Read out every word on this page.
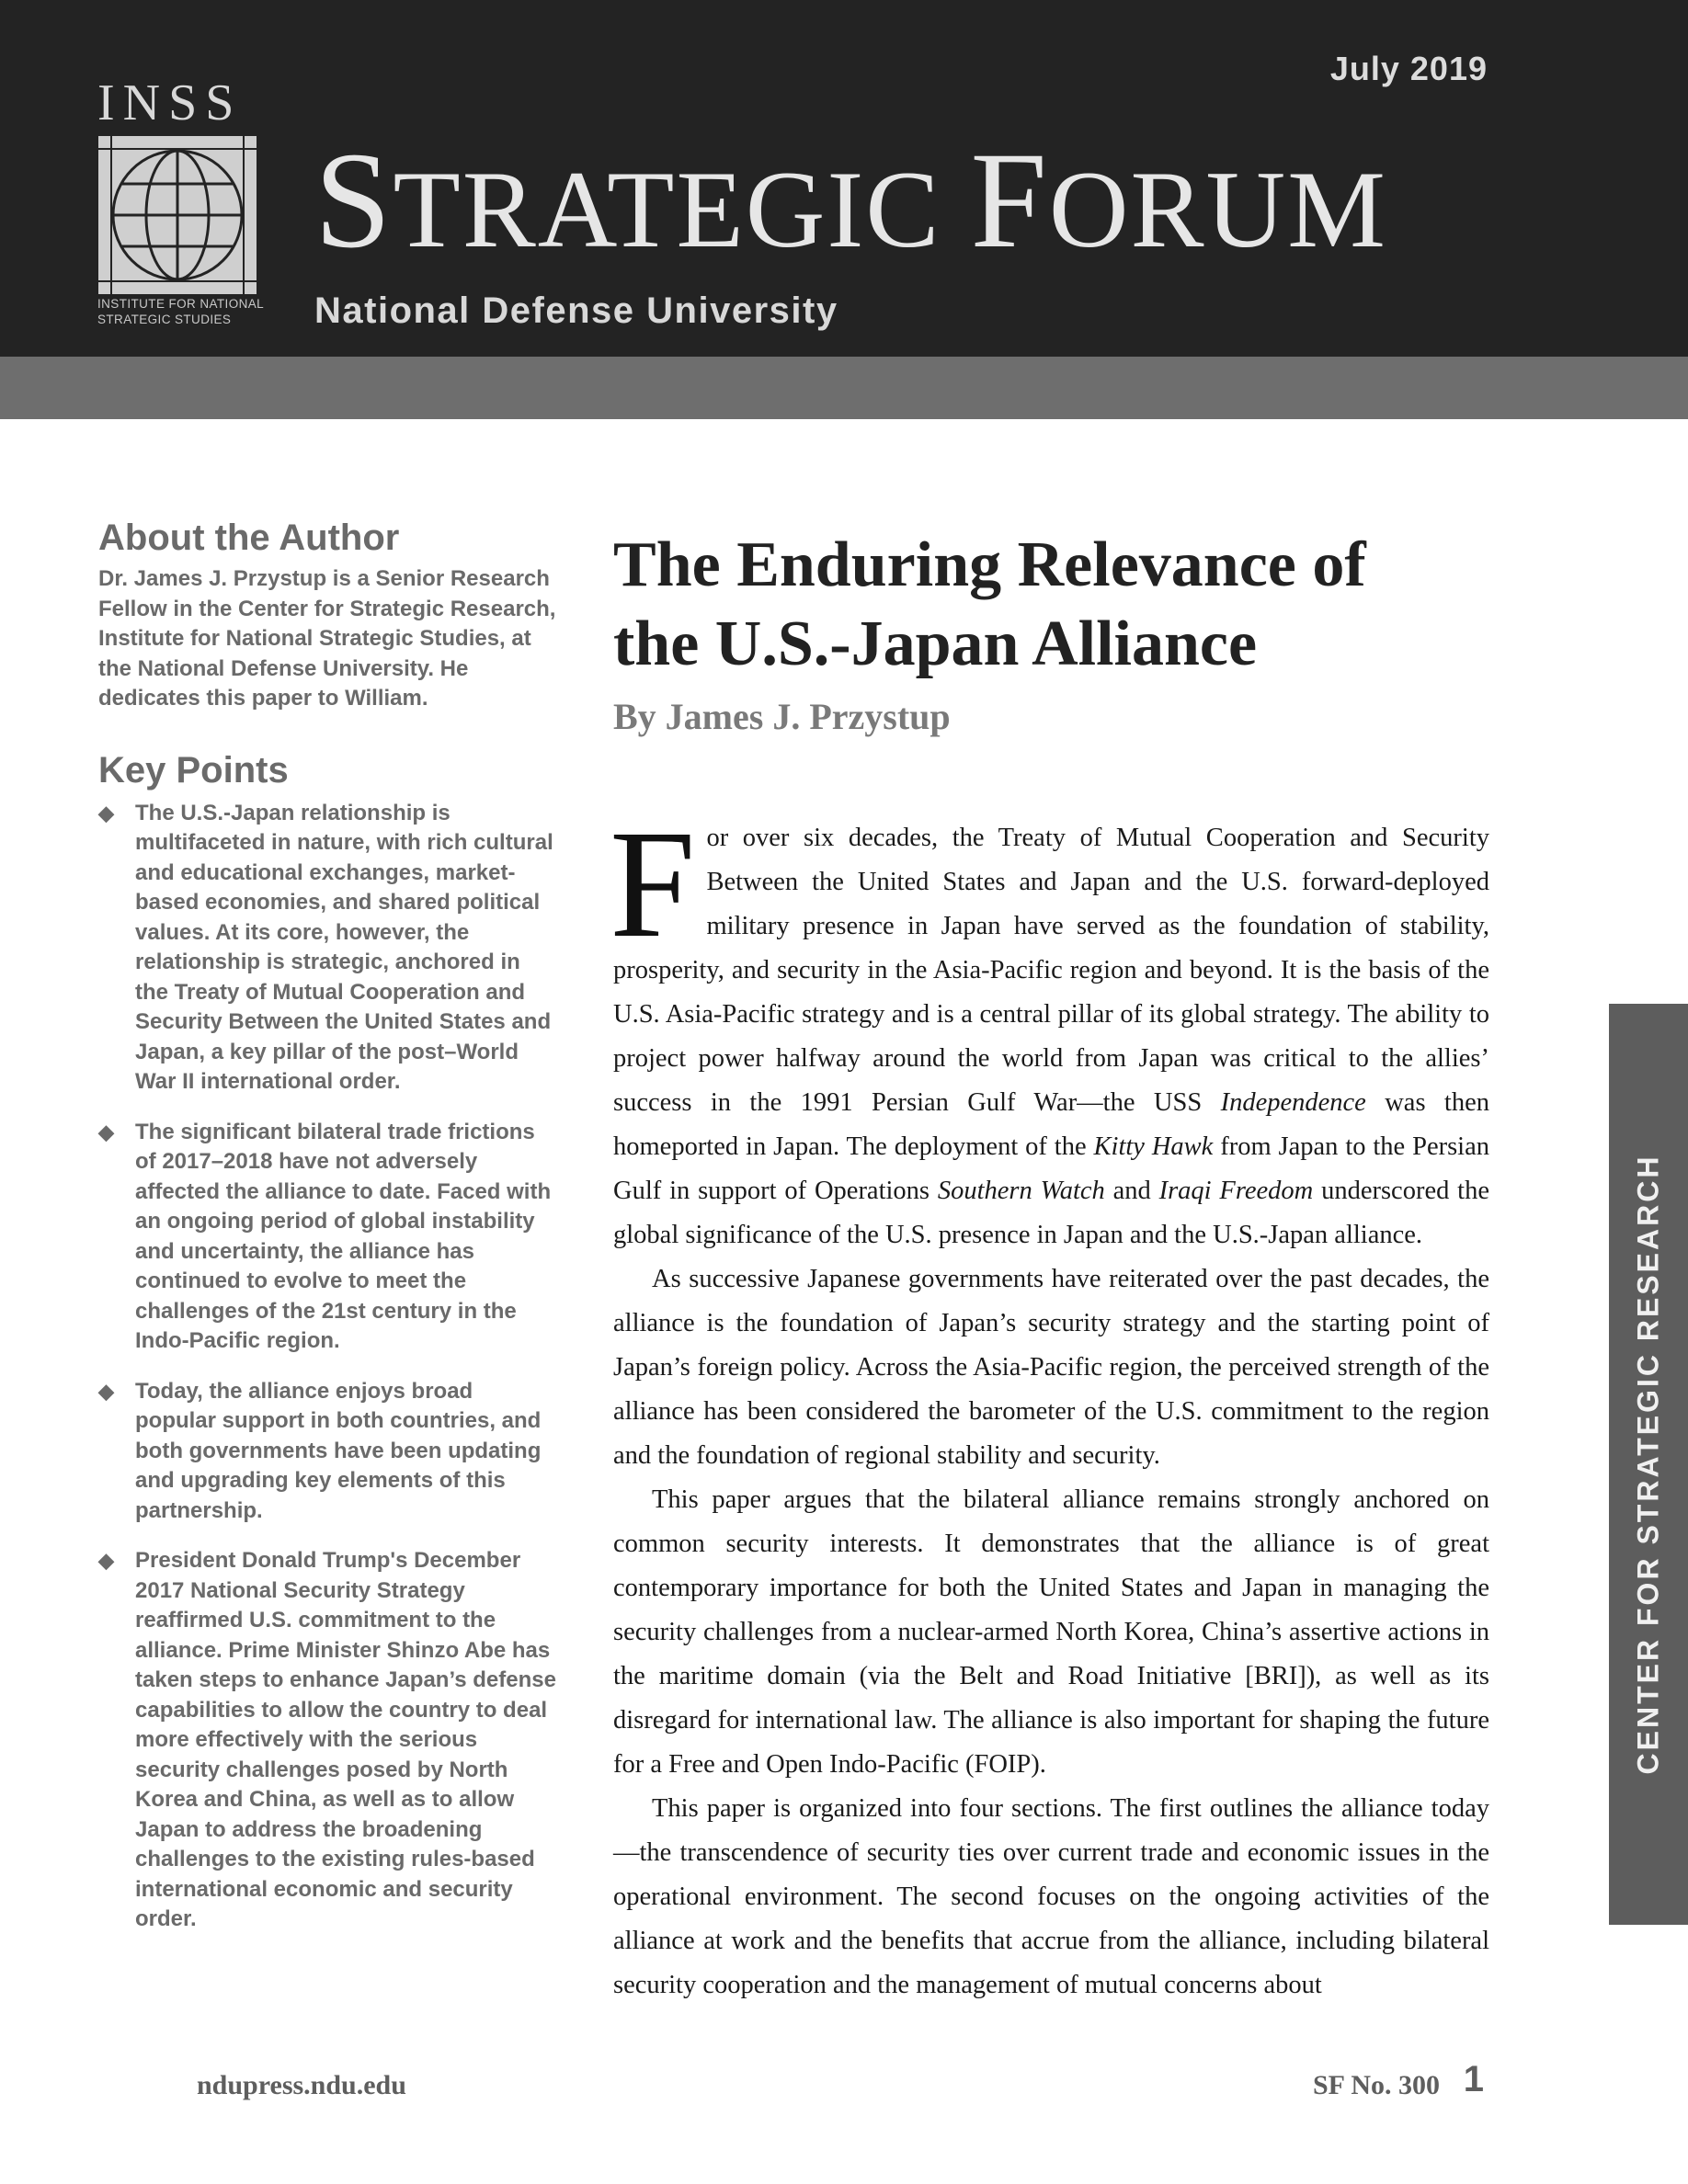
July 2019
INSS
INSTITUTE FOR NATIONAL
STRATEGIC STUDIES
STRATEGIC FORUM
National Defense University
About the Author
Dr. James J. Przystup is a Senior Research Fellow in the Center for Strategic Research, Institute for National Strategic Studies, at the National Defense University. He dedicates this paper to William.
Key Points
◆ The U.S.-Japan relationship is multifaceted in nature, with rich cultural and educational exchanges, market-based economies, and shared political values. At its core, however, the relationship is strategic, anchored in the Treaty of Mutual Cooperation and Security Between the United States and Japan, a key pillar of the post–World War II international order.
◆ The significant bilateral trade frictions of 2017–2018 have not adversely affected the alliance to date. Faced with an ongoing period of global instability and uncertainty, the alliance has continued to evolve to meet the challenges of the 21st century in the Indo-Pacific region.
◆ Today, the alliance enjoys broad popular support in both countries, and both governments have been updating and upgrading key elements of this partnership.
◆ President Donald Trump's December 2017 National Security Strategy reaffirmed U.S. commitment to the alliance. Prime Minister Shinzo Abe has taken steps to enhance Japan’s defense capabilities to allow the country to deal more effectively with the serious security challenges posed by North Korea and China, as well as to allow Japan to address the broadening challenges to the existing rules-based international economic and security order.
The Enduring Relevance of
the U.S.-Japan Alliance
By James J. Przystup

For over six decades, the Treaty of Mutual Cooperation and Security Between the United States and Japan and the U.S. forward-deployed military presence in Japan have served as the foundation of stability, prosperity, and security in the Asia-Pacific region and beyond. It is the basis of the U.S. Asia-Pacific strategy and is a central pillar of its global strategy. The ability to project power halfway around the world from Japan was critical to the allies’ success in the 1991 Persian Gulf War—the USS Independence was then homeported in Japan. The deployment of the Kitty Hawk from Japan to the Persian Gulf in support of Operations Southern Watch and Iraqi Freedom underscored the global significance of the U.S. presence in Japan and the U.S.-Japan alliance.

As successive Japanese governments have reiterated over the past decades, the alliance is the foundation of Japan’s security strategy and the starting point of Japan’s foreign policy. Across the Asia-Pacific region, the perceived strength of the alliance has been considered the barometer of the U.S. commitment to the region and the foundation of regional stability and security.

This paper argues that the bilateral alliance remains strongly anchored on common security interests. It demonstrates that the alliance is of great contemporary importance for both the United States and Japan in managing the security challenges from a nuclear-armed North Korea, China’s assertive actions in the maritime domain (via the Belt and Road Initiative [BRI]), as well as its disregard for international law. The alliance is also important for shaping the future for a Free and Open Indo-Pacific (FOIP).

This paper is organized into four sections. The first outlines the alliance today—the transcendence of security ties over current trade and economic issues in the operational environment. The second focuses on the ongoing activities of the alliance at work and the benefits that accrue from the alliance, including bilateral security cooperation and the management of mutual concerns about

CENTER FOR STRATEGIC RESEARCH
ndupress.ndu.edu	SF No. 300 1
